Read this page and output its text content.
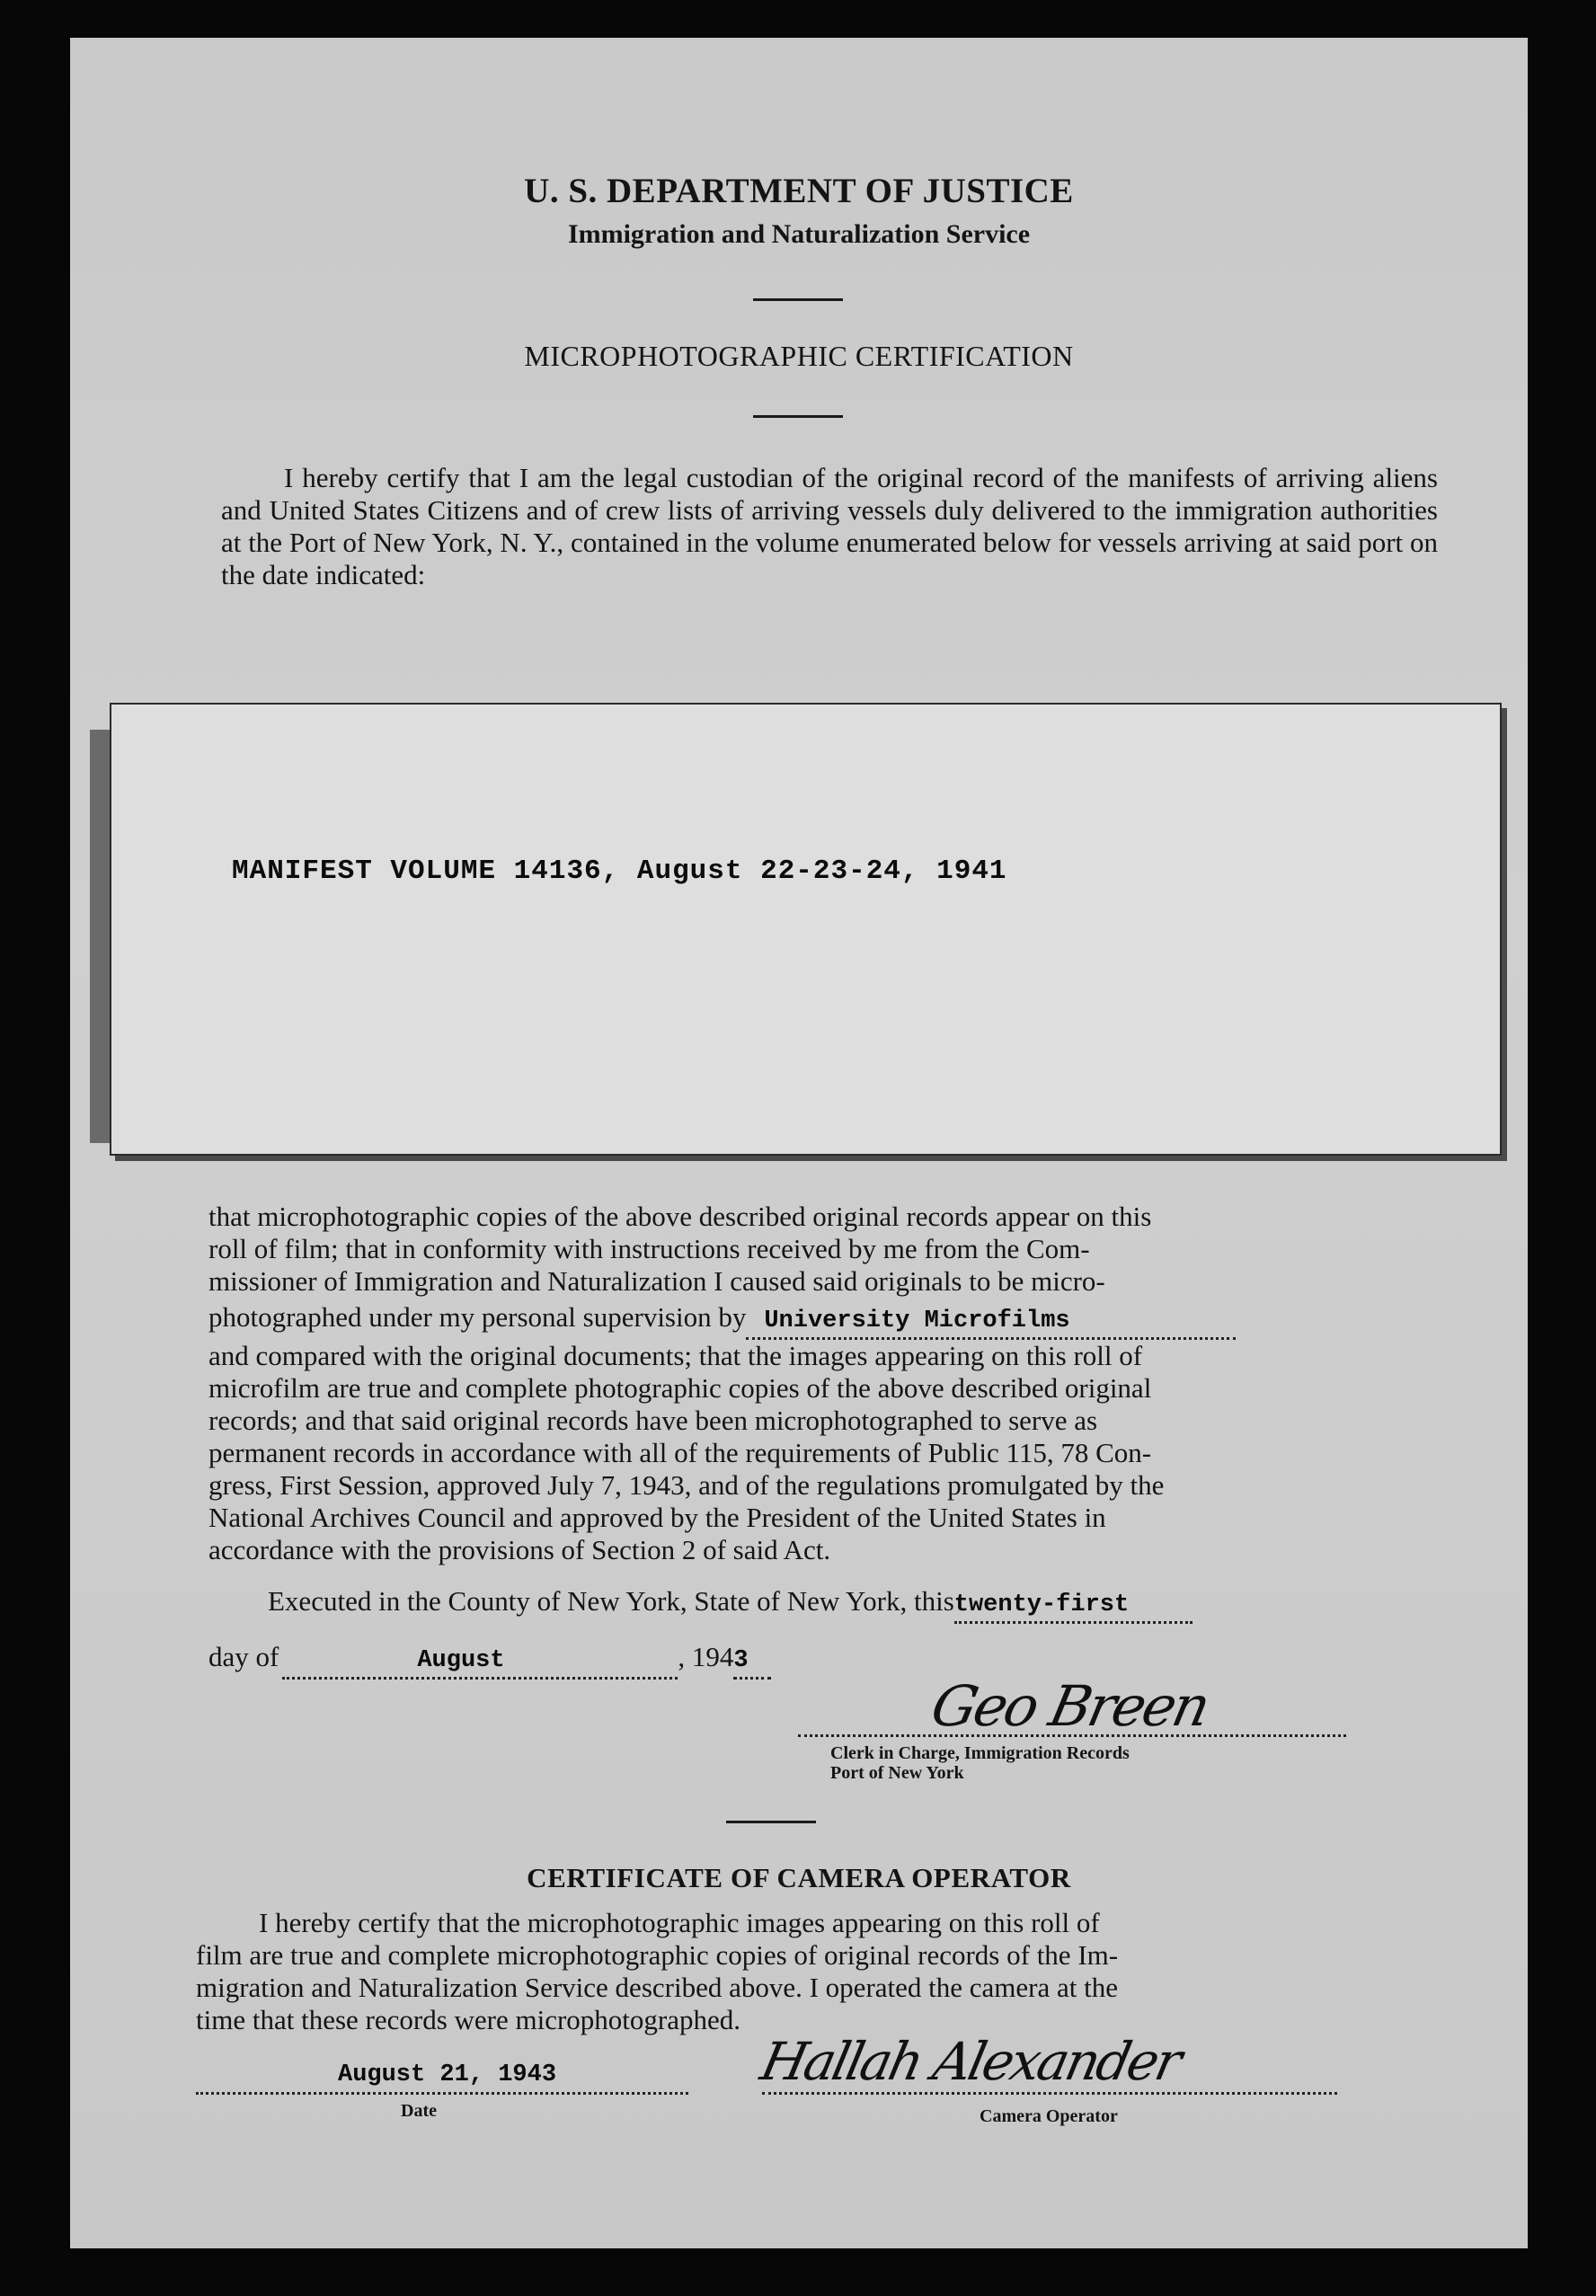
U. S. DEPARTMENT OF JUSTICE
Immigration and Naturalization Service
MICROPHOTOGRAPHIC CERTIFICATION
I hereby certify that I am the legal custodian of the original record of the manifests of arriving aliens and United States Citizens and of crew lists of arriving vessels duly delivered to the immigration authorities at the Port of New York, N. Y., contained in the volume enumerated below for vessels arriving at said port on the date indicated:
MANIFEST VOLUME 14136, August 22-23-24, 1941
that microphotographic copies of the above described original records appear on this
roll of film; that in conformity with instructions received by me from the Com-
missioner of Immigration and Naturalization I caused said originals to be micro-
photographed under my personal supervision by University Microfilms
and compared with the original documents; that the images appearing on this roll of
microfilm are true and complete photographic copies of the above described original
records; and that said original records have been microphotographed to serve as
permanent records in accordance with all of the requirements of Public 115, 78 Con-
gress, First Session, approved July 7, 1943, and of the regulations promulgated by the
National Archives Council and approved by the President of the United States in
accordance with the provisions of Section 2 of said Act.
Executed in the County of New York, State of New York, thistwenty-first
day of	August	, 1943
Geo Breen
Clerk in Charge, Immigration Records
Port of New York
CERTIFICATE OF CAMERA OPERATOR
I hereby certify that the microphotographic images appearing on this roll of
film are true and complete microphotographic copies of original records of the Im-
migration and Naturalization Service described above. I operated the camera at the
time that these records were microphotographed.
August 21, 1943
Date
Hallah Alexander
Camera Operator
